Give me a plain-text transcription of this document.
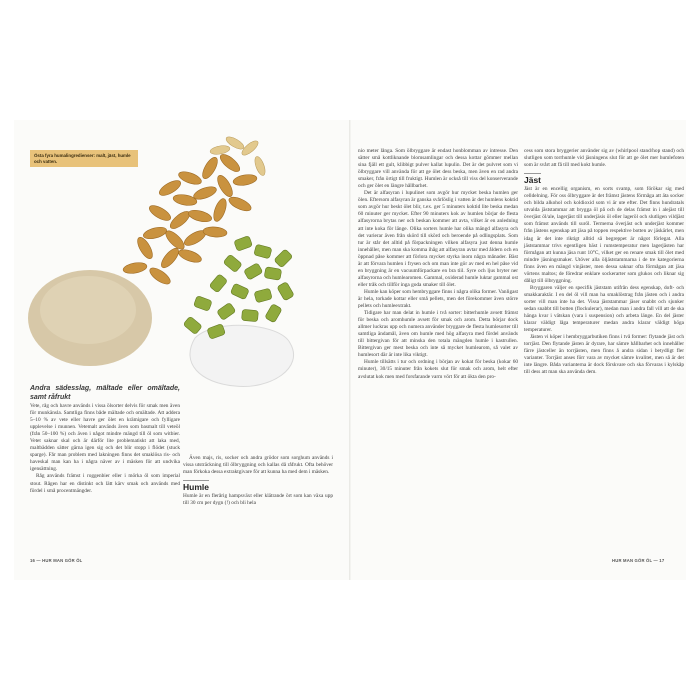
Östa fyra humalingredienser: malt, jäst, humle och vatten.
Andra sädesslag, mältade eller omältade, samt råfrukt

Vete, råg och havre används i vissa ölsorter delvis för smak men även för munkänsla. Samtliga finns både mältade och omältade. Att addera 5–10 % av vete eller havre ger ölet en krämigare och fylligare upplevelse i munnen. Vetemalt används även som basmalt till veteöl (från 50–100 %) och även i något mindre mängd till öl som witbier. Vetet saknar skal och är därför lite problematiskt att laka med, maltbädden sätter gärna igen sig och det blir stopp i flödet (stuck sparge). Får man problem med lakningen finns det smaklösa ris- och haveskal man kan ha i några näver av i mäsken för att undvika igensättning.

Råg används främst i roggenbier eller i mörka öl som imperial stout. Rågen har en distinkt och lätt kärv smak och används med fördel i små procentmängder.

Även majs, ris, socker och andra grödor som sorghum används i vissa utsträckning till ölbryggning och kallas då råfrukt. Ofta behöver man förkoka dessa extraktgivare för att kunna ha med dem i mäsken.

Humle

Humle är en flerårig hampsväxt eller klätrande ört som kan växa upp till 30 cm per dygn (!) och bli hela

16 — HUR MAN GÖR ÖL

nio meter långa. Som ölbryggare är endast honblomman av intresse. Den sätter små kottliknande blomsamlingar och dessa kottar gömmer mellan sina fjäll ett gult, klibbigt pulver kallat lupulin. Det är det pulvret som vi ölbryggare vill använda för att ge ölet dess beska, men även en rad andra smaker, från örtigt till fruktigt. Humlen är också till viss del konserverande och ger ölet en längre hållbarhet.

Det är alfasyran i lupulinet som avgör hur mycket beska humlen ger ölen. Eftersom alfasyran är ganska svårlöslig i vatten är det humlens koktid som avgör hur beskt ölet blir, t.ex. ger 5 minuters koktid lite beska medan 60 minuter ger mycket. Efter 90 minuters kok av humlen börjar de flesta alfasyrorna brytas ner och beskan kommer att avta, vilket är en anledning att inte koka för länge. Olika sorters humle har olika mängd alfasyra och det varierar även från skörd till skörd och beroende på odlingsplats. Som tur är står det alltid på förpackningen vilken alfasyra just denna humle innehåller, men man ska komma ihåg att alfasyran avtar med åldern och en öppnad påse kommer att förlora mycket styrka inom några månader. Bäst är att förvara humlen i frysen och om man inte gör av med en hel påse vid en bryggning är en vacuumförpackare en bra tiil. Syre och ljus bryter ner alfasyrorna och humlearomen. Gammal, oxiderad humle luktar gammal ost eller tråk och tillför inga goda smaker till ölet.

Humle kan köper som hembryggare finns i några olika former. Vanligast är hela, torkade kottar eller små pellets, men det förekommer även större pellets och humleextrakt.

Tidigare har man delat in humle i två sorter: bitterhumle avsett främst för beska och aromhumle avsett för smak och arom. Detta börjar dock allmer luckras upp och numera använder bryggare de flesta humlesorter till samtliga ändamål, även om humle med hög alfasyra med fördel används till bittergivan för att minska den totala mängden humle i kastrullen. Bittergivan ger mest beska och inte så mycket humlearom, så valet av humlesort där är inte lika viktigt.

Humle tillsätts i tur och ordning i början av kokat för beska (kokar 60 minuter), 30/15 minuter från kokets slut för smak och arom, helt efter avslutat kok men med forsfarande varm vört för att ökta den pro-

cess som stora bryggerier använder sig av (whirlpool stand/hop stand) och slutligen som torrhumle vid jäsningens slut för att ge ölet mer humlefoten som är svårt att få till med kokt humle.

Jäst

Jäst är en encellig organism, en sorts svamp, som förökar sig med celldelning. För oss ölbryggare är det främst jästens förmåga att äta socker och bilda alkohol och koldioxid som vi är ute efter. Det finns hundratals utvalda jäststammar att brygga öl på och de delas främst in i alejäst till överjäst öl/ale, lagerjäst till underjäsis öl eller lageröl och slutligen vildjäst som främst används till suröl. Termerna överjäst och underjäst kommer från jästens egenskap att jäsa på toppen respektive botten av jäskärlet, men idag är det inte riktigt alltid så begreppet är något förlegat. Alla jäststammar trivs egentligen bäst i rumstemperatur men lagerjästen har förmågan att kunna jäsa runt 10°C, vilket ger en renare smak till ölet med mindre jäsningsmaker. Utöver alla öljäststammarna i de tre kategorierna finns även en mängd vinjäster, men dessa saknar ofta förmågan att jäsa vörtens maltos; de föredrar enklare sockerarter som glukos och liknar sig dåligt till ölbryggning.

Bryggaren väljer en specifik jäststam utifrån dess egenskap, doft- och smakkaraktär. I en del öl vill man ha smaklöstrag från jästen och i andra sorter vill man inte ha det. Vissa jäststammar jäser snabbt och sjunker sedan snabbt till botten (flockulerar), medan man i andra fall vill att de ska hänga kvar i vätskan (vara i suspension) och arbeta länge. En del jäster klarar väldigt låga temperaturer medan andra klarar väldigt höga temperaturer.

Jästen vi köper i hembryggarbutiken finns i två former: flytande jäst och torrjäst. Den flytande jästen är dyrare, har sämre hållbarhet och innehåller färre jästceller än torrjästen, men finns å andra sidan i betydligt fler varianter. Torrjäst anses förr vara av mycket sämre kvalitet, men så är det inte längre. Båda varianterna är dock förskvare och ska förvaras i kylskåp till dess att man ska använda dem.

HUR MAN GÖR ÖL — 17
